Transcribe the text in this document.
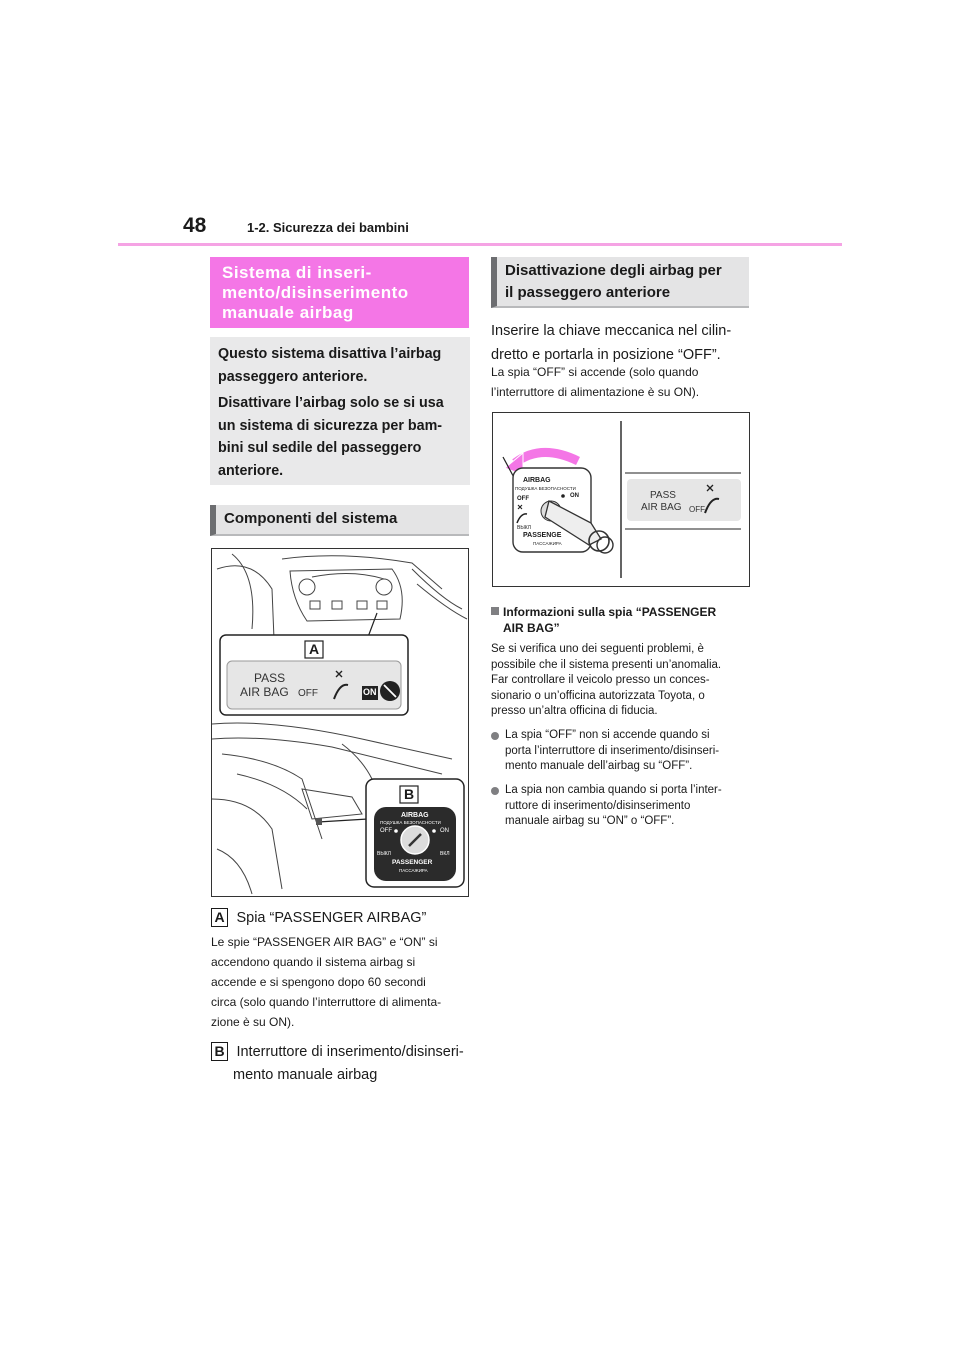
48	1-2. Sicurezza dei bambini
Sistema di inseri-
mento/disinserimento
manuale airbag

Questo sistema disattiva l’airbag
passeggero anteriore.

Disattivare l’airbag solo se si usa
un sistema di sicurezza per bam-
bini sul sedile del passeggero
anteriore.

Componenti del sistema
A
B
PASS
AIR BAG OFF	ON
AIRBAG
ПОДУШКА БЕЗОПАСНОСТИ
OFF	ON
ВЫКЛ	ВКЛ
PASSENGER
ПАССАЖИРА
A Spia “PASSENGER AIRBAG”
Le spie “PASSENGER AIR BAG” e “ON” si
accendono quando il sistema airbag si
accende e si spengono dopo 60 secondi
circa (solo quando l’interruttore di alimenta-
zione è su ON).
B Interruttore di inserimento/disinseri-
mento manuale airbag
Disattivazione degli airbag per
il passeggero anteriore
Inserire la chiave meccanica nel cilin-
dretto e portarla in posizione “OFF”.
La spia “OFF” si accende (solo quando
l’interruttore di alimentazione è su ON).
AIRBAG
ПОДУШКА БЕЗОПАСНОСТИ
OFF	ON
ВЫКЛ
PASSENGE
ПАССАЖИРА
PASS
AIR BAG OFF
Informazioni sulla spia “PASSENGER
AIR BAG”
Se si verifica uno dei seguenti problemi, è
possibile che il sistema presenti un’anomalia.
Far controllare il veicolo presso un conces-
sionario o un’officina autorizzata Toyota, o
presso un’altra officina di fiducia.
La spia “OFF” non si accende quando si
porta l’interruttore di inserimento/disinseri-
mento manuale dell’airbag su “OFF”.
La spia non cambia quando si porta l’inter-
ruttore di inserimento/disinserimento
manuale airbag su “ON” o “OFF”.
